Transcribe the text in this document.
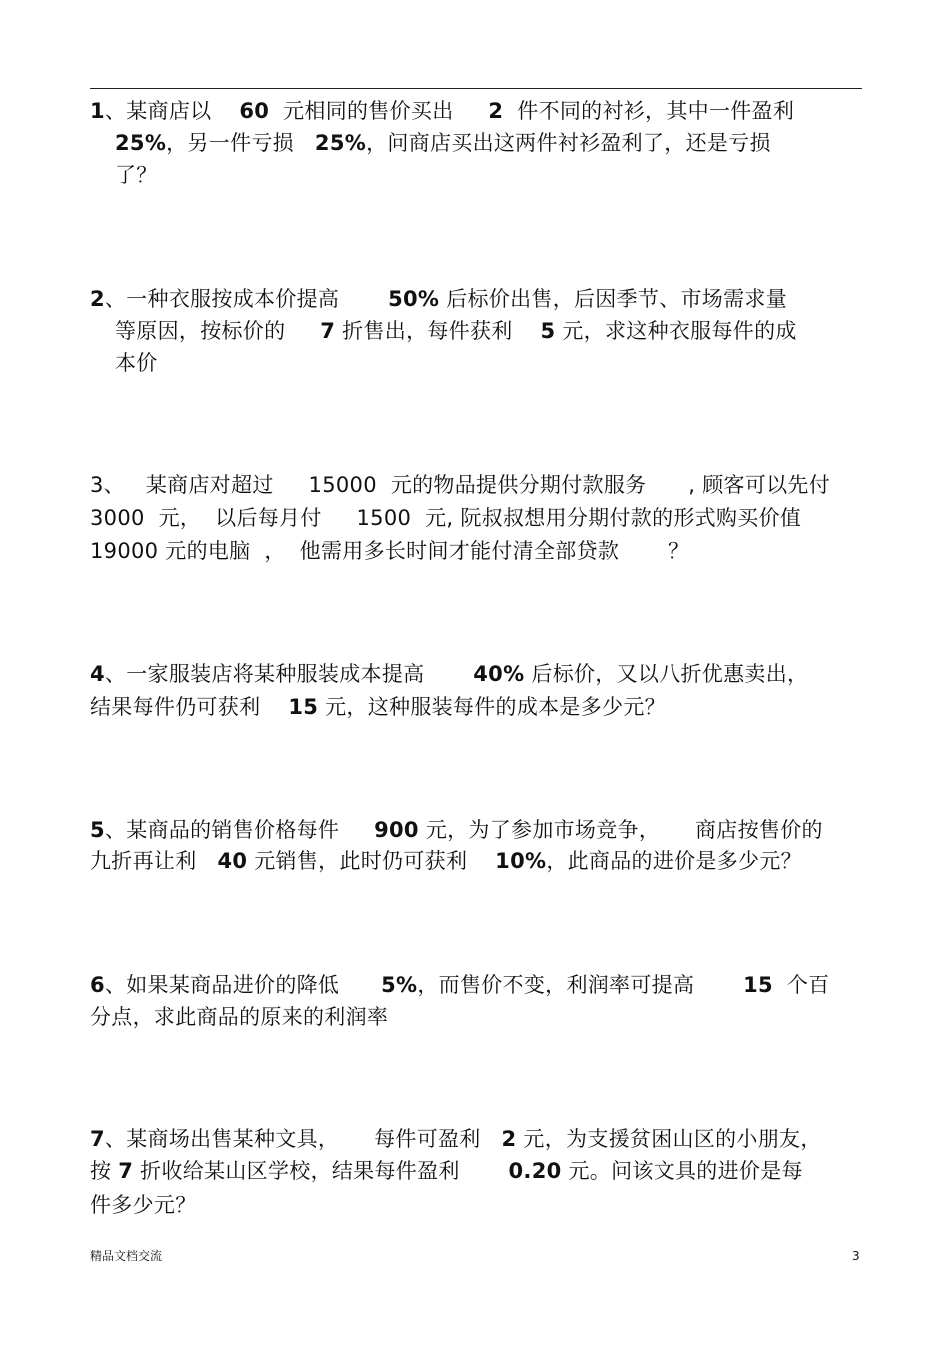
1、某商店以    60  元相同的售价买出     2  件不同的衬衫，其中一件盈利
25%，另一件亏损   25%，问商店买出这两件衬衫盈利了，还是亏损
了？
2、一种衣服按成本价提高       50% 后标价出售，后因季节、市场需求量
等原因，按标价的     7 折售出，每件获利    5 元，求这种衣服每件的成
本价
3、   某商店对超过     15000  元的物品提供分期付款服务      , 顾客可以先付
3000  元，  以后每月付     1500  元, 阮叔叔想用分期付款的形式购买价值
19000 元的电脑  ，  他需用多长时间才能付清全部贷款       ？
4、一家服装店将某种服装成本提高       40% 后标价，又以八折优惠卖出，
结果每件仍可获利    15 元，这种服装每件的成本是多少元？
5、某商品的销售价格每件     900 元，为了参加市场竞争，     商店按售价的
九折再让利   40 元销售，此时仍可获利    10%，此商品的进价是多少元？
6、如果某商品进价的降低      5%，而售价不变，利润率可提高       15  个百
分点，求此商品的原来的利润率
7、某商场出售某种文具，     每件可盈利   2 元，为支援贫困山区的小朋友，
按 7 折收给某山区学校，结果每件盈利       0.20 元。问该文具的进价是每
件多少元？
精品文档交流	3
